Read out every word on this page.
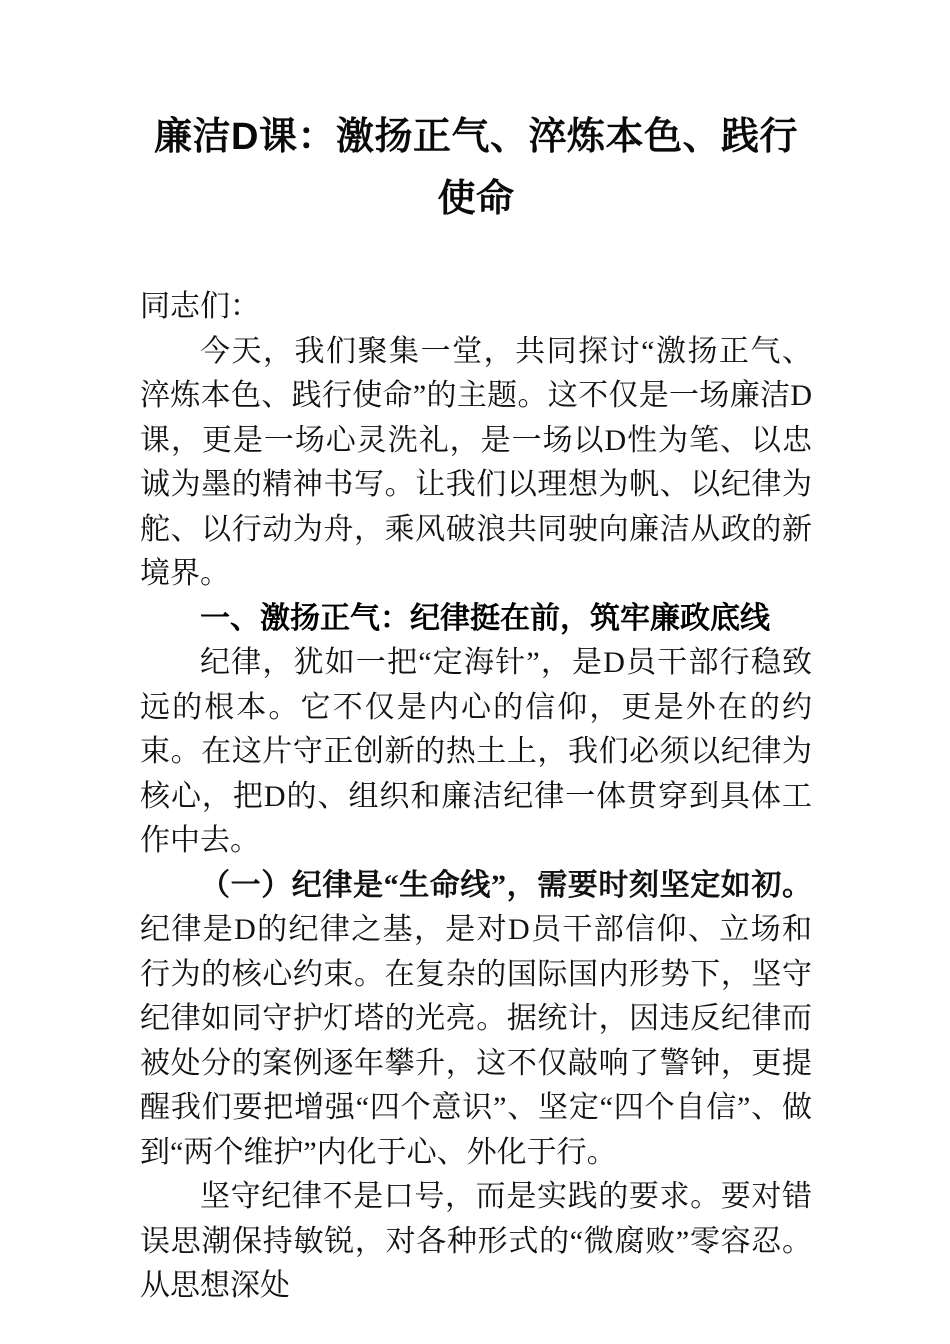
廉洁D课：激扬正气、淬炼本色、践行使命

同志们：

今天，我们聚集一堂，共同探讨“激扬正气、淬炼本色、践行使命”的主题。这不仅是一场廉洁D课，更是一场心灵洗礼，是一场以D性为笔、以忠诚为墨的精神书写。让我们以理想为帆、以纪律为舵、以行动为舟，乘风破浪共同驶向廉洁从政的新境界。

一、激扬正气：纪律挺在前，筑牢廉政底线

纪律，犹如一把“定海针”，是D员干部行稳致远的根本。它不仅是内心的信仰，更是外在的约束。在这片守正创新的热土上，我们必须以纪律为核心，把D的、组织和廉洁纪律一体贯穿到具体工作中去。

（一）纪律是“生命线”，需要时刻坚定如初。纪律是D的纪律之基，是对D员干部信仰、立场和行为的核心约束。在复杂的国际国内形势下，坚守纪律如同守护灯塔的光亮。据统计，因违反纪律而被处分的案例逐年攀升，这不仅敲响了警钟，更提醒我们要把增强“四个意识”、坚定“四个自信”、做到“两个维护”内化于心、外化于行。

坚守纪律不是口号，而是实践的要求。要对错误思潮保持敏锐，对各种形式的“微腐败”零容忍。从思想深处
